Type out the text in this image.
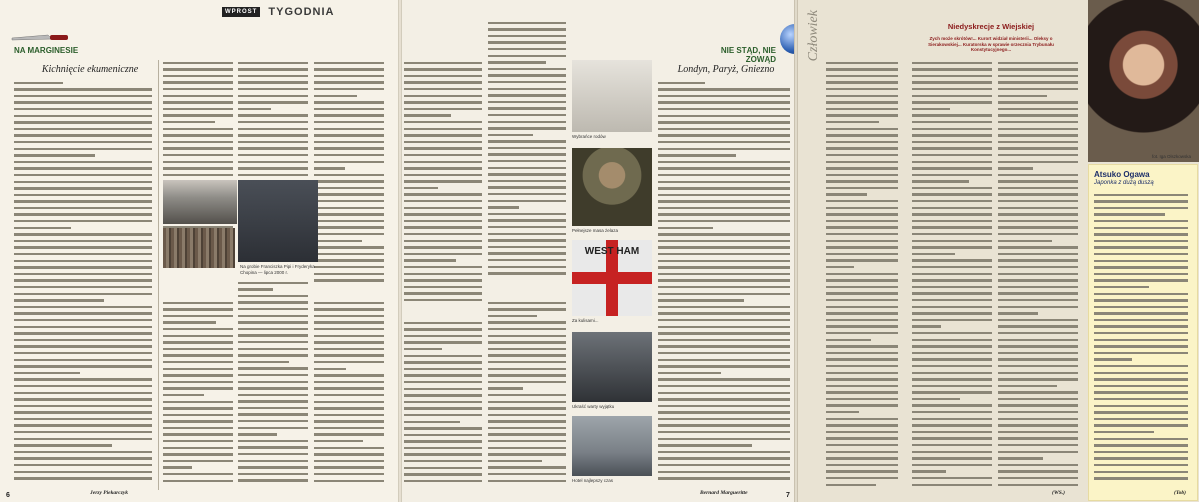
NA MARGINESIE
Kichnięcie ekumeniczne
Jerzy Piekarczyk
Na grobie Franciszka Pipi i Fryderyka Chopina — lipca 2000 r.
6
Wybrańce rodów
Pełnejsze masa żelaza
WEST HAM
Za kulisami...
Ukraść warty wyjątku
Hotel najlepszy czas
NIE STĄD, NIE ZOWĄD
Londyn, Paryż, Gniezno
Bernard Margueritte	7
Człowiek	Niedyskrecje z Wiejskiej
Zych może skrótów!... Kurort widział ministerii... Oleksy o Sierakowskiej... Kuratorska w sprawie orzecznia Trybunału Konstytucyjnego...
(WS.)
fot. Iga Olszkowska
Atsuko Ogawa
Japonka z dużą duszą
(Tob)
WPROST TYGODNIA
